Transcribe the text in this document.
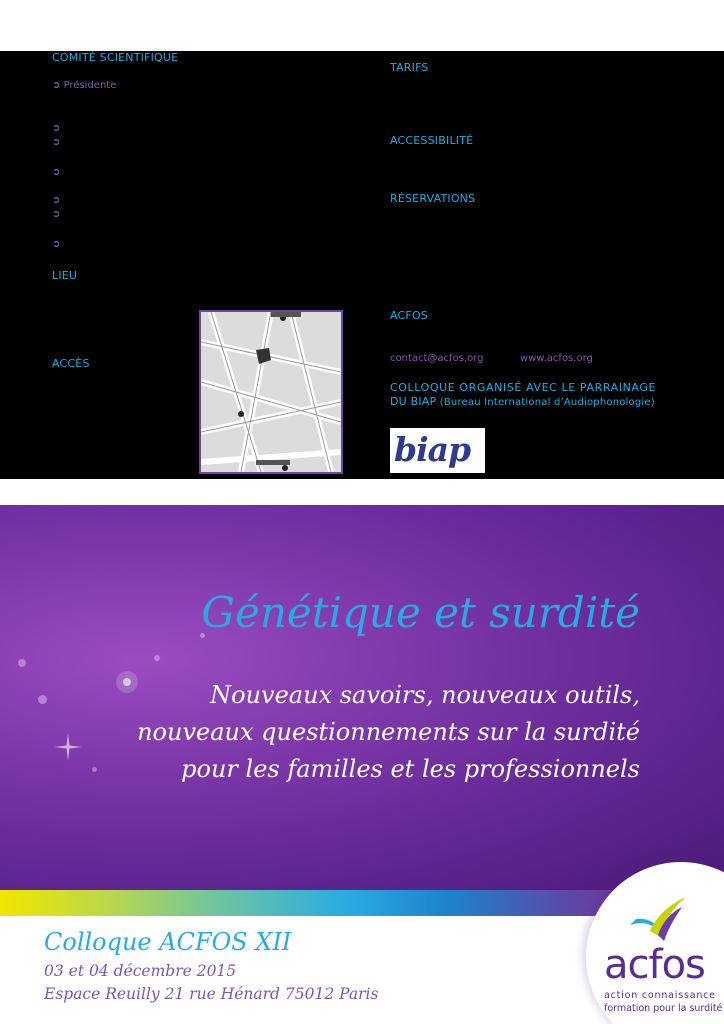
COMITÉ SCIENTIFIQUE
➲ Présidente
➲
➲
➲
➲
➲
➲
LIEU
ACCÈS
TARIFS
ACCESSIBILITÉ
RÉSERVATIONS
ACFOS
contact@acfos.org	www.acfos.org
COLLOQUE ORGANISÉ AVEC LE PARRAINAGE
DU BIAP (Bureau International d’Audiophonologie)
biap
Génétique et surdité
Nouveaux savoirs, nouveaux outils,
nouveaux questionnements sur la surdité
pour les familles et les professionnels
Colloque ACFOS XII
03 et 04 décembre 2015
Espace Reuilly 21 rue Hénard 75012 Paris
acfos
action connaissance
formation pour la surdité
